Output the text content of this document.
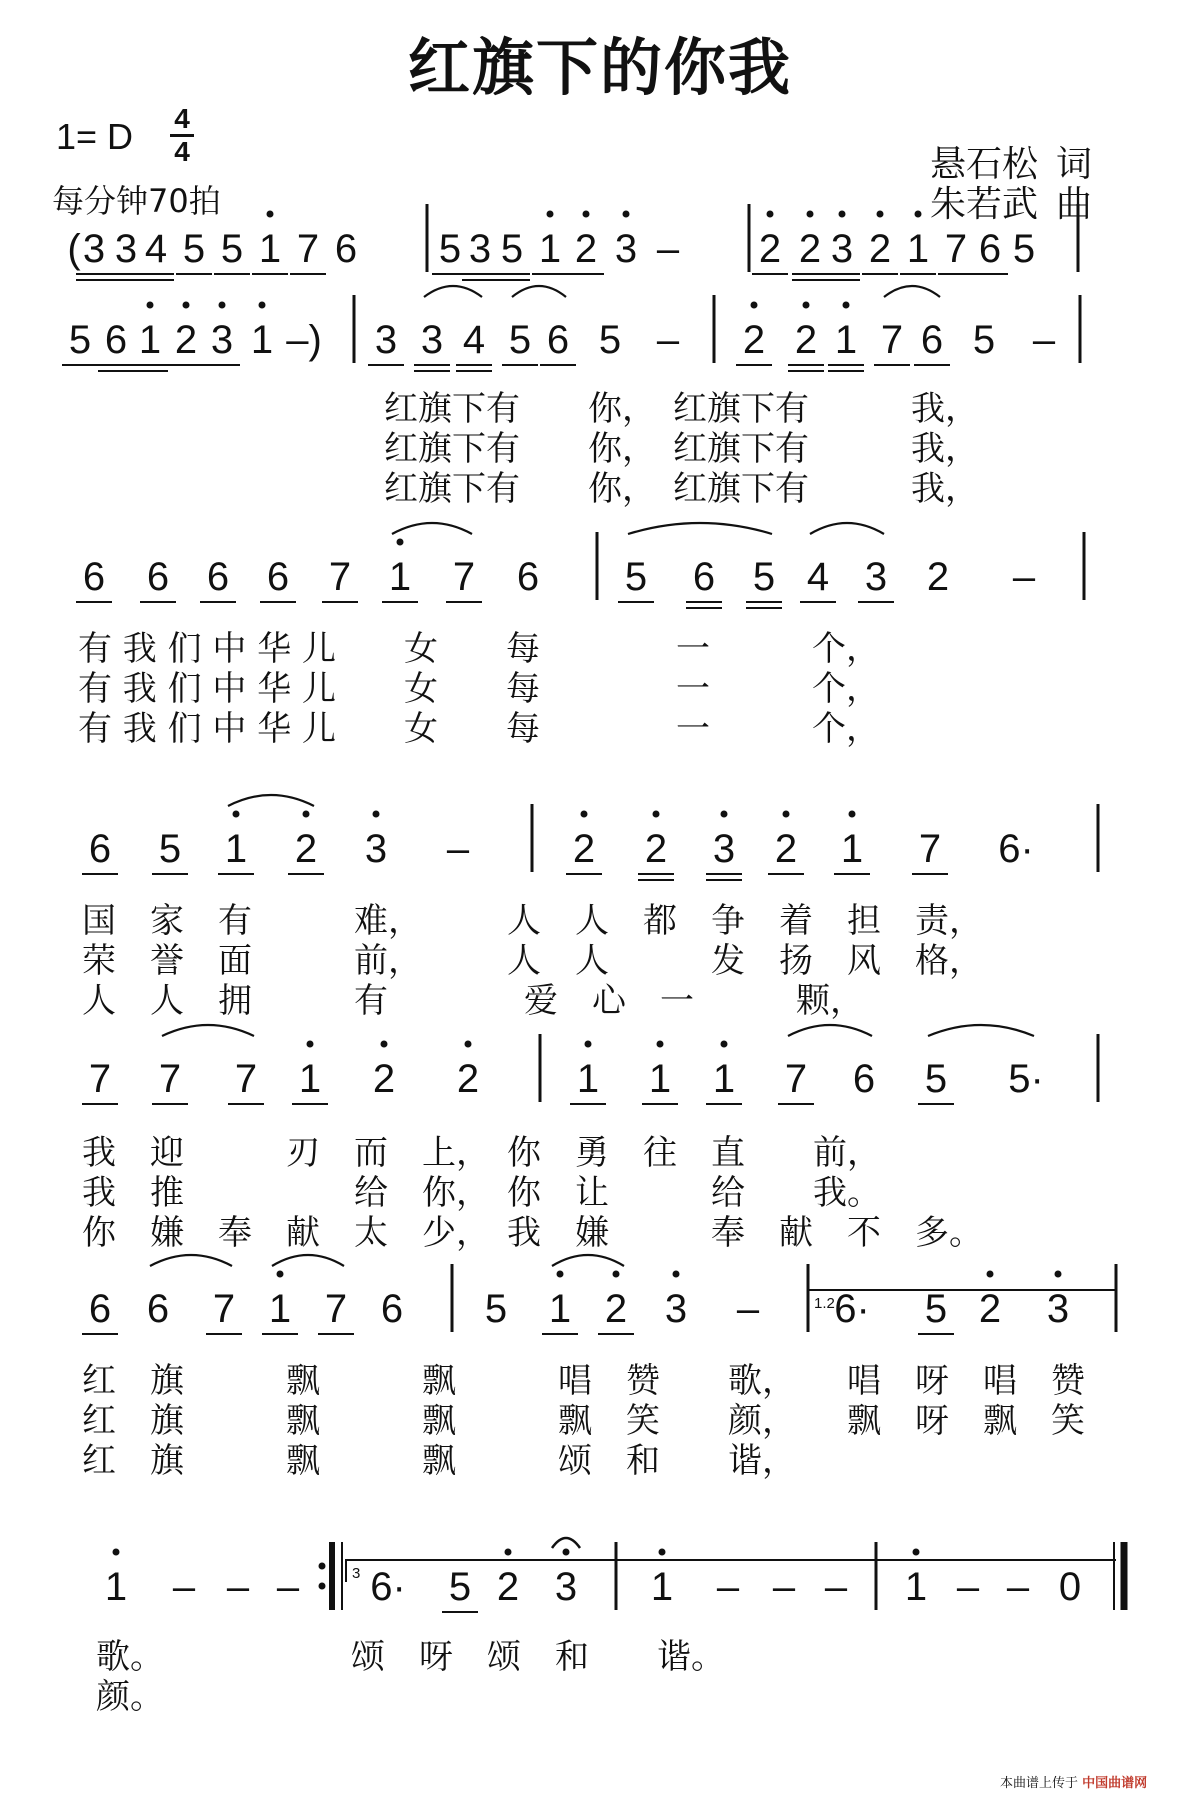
红旗下的你我
1= D 4
4
每分钟70拍
悬石松 词
朱若武 曲
( 3 3 4 5 5 1 7 6 5 3 5 1 2 3 – 2 2 3 2 1 7 6 5
5 6 1 2 3 1 –) 3 3 4 5 6 5 – 2 2 1 7 6 5 –
6 6 6 6 7 1 7 6 5 6 5 4 3 2 –
6 5 1 2 3 –	2 2 3 2 1 7 6·
7 7 7 1 2 2 1 1 1 7 6 5 5·
6 6 7 1 7 6 5 1 2 3 – 6· 5 2 3
1 – – – 6· 5 2 3 1 – – – 1 – – 0
红旗下有　　你，　红旗下有　　　我，
红旗下有　　你，　红旗下有　　　我，
红旗下有　　你，　红旗下有　　　我，
有 我 们 中 华 儿　　女　　每　　　　一　　　个，
有 我 们 中 华 儿　　女　　每　　　　一　　　个，
有 我 们 中 华 儿　　女　　每　　　　一　　　个，
国　家　有　　　难，　　　人　人　都　争　着　担　责，
荣　誉　面　　　前，　　　人　人　　　发　扬　风　格，
人　人　拥　　　有　　　　爱　心　一　　　颗，
我　迎　　　刃　而　上，　你　勇　往　直　　前，
我　推　　　　　给　你，　你　让　　　给　　我。
你　嫌　奉　献　太　少，　我　嫌　　　奉　献　不　多。
红　旗　　　飘　　　飘　　　唱　赞　　歌，　　唱　呀　唱　赞
红　旗　　　飘　　　飘　　　飘　笑　　颜，　　飘　呀　飘　笑
红　旗　　　飘　　　飘　　　颂　和　　谐，
歌。　　　　　　颂　呀　颂　和　　谐。
颜。
1.2
3
本曲谱上传于 中国曲谱网
